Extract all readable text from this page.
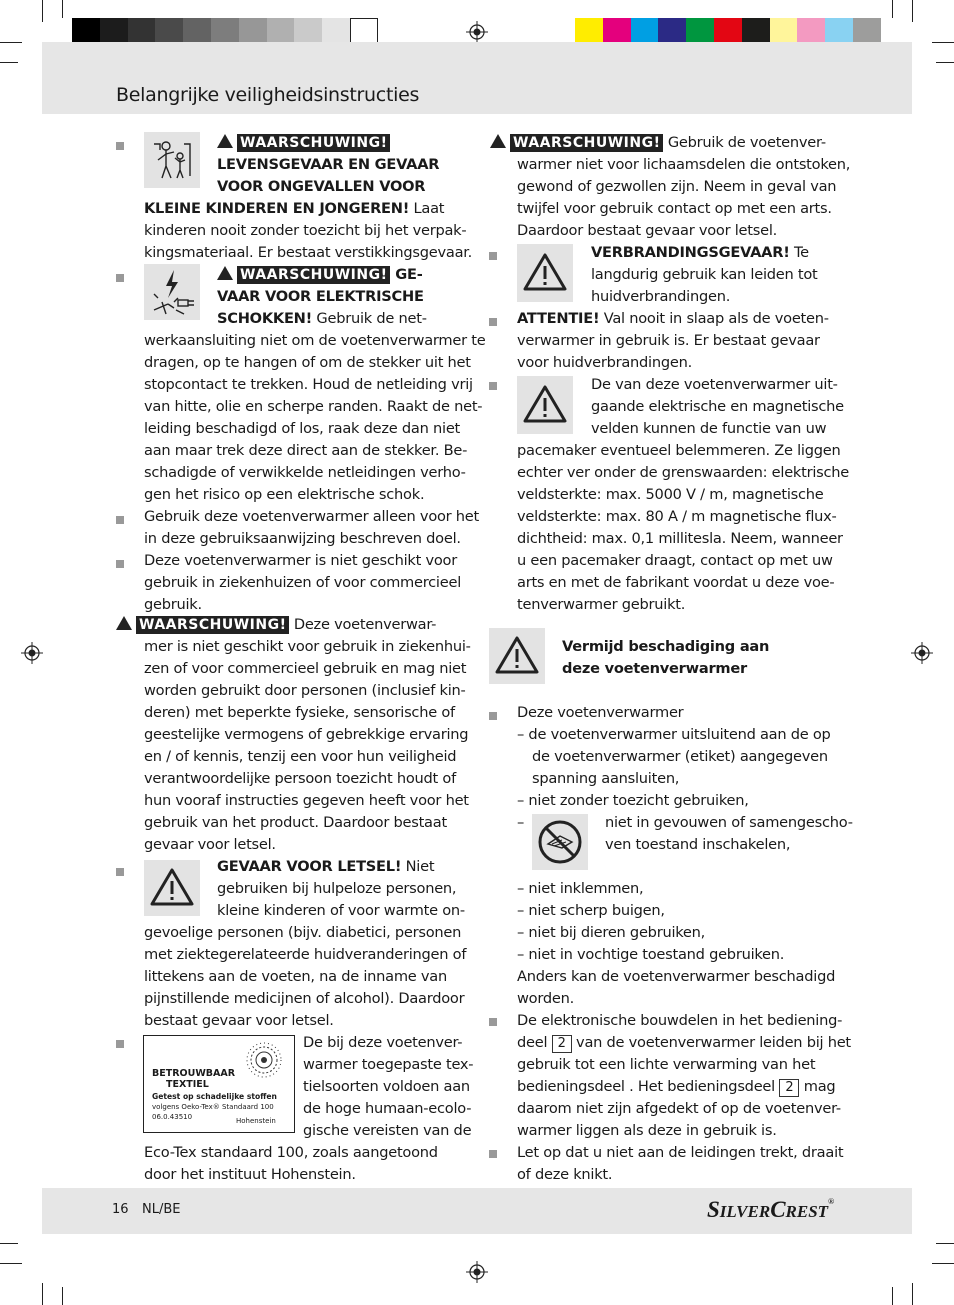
Belangrijke veiligheidsinstructies
WAARSCHUWING!
LEVENSGEVAAR EN GEVAAR
VOOR ONGEVALLEN VOOR
KLEINE KINDEREN EN JONGEREN! Laat
kinderen nooit zonder toezicht bij het verpak-
kingsmateriaal. Er bestaat verstikkingsgevaar.
WAARSCHUWING! GE-
VAAR VOOR ELEKTRISCHE
SCHOKKEN! Gebruik de net-
werkaansluiting niet om de voetenverwarmer te
dragen, op te hangen of om de stekker uit het
stopcontact te trekken. Houd de netleiding vrij
van hitte, olie en scherpe randen. Raakt de net-
leiding beschadigd of los, raak deze dan niet
aan maar trek deze direct aan de stekker. Be-
schadigde of verwikkelde netleidingen verho-
gen het risico op een elektrische schok.
Gebruik deze voetenverwarmer alleen voor het
in deze gebruiksaanwijzing beschreven doel.
Deze voetenverwarmer is niet geschikt voor
gebruik in ziekenhuizen of voor commercieel
gebruik.
WAARSCHUWING! Deze voetenverwar-
mer is niet geschikt voor gebruik in ziekenhui-
zen of voor commercieel gebruik en mag niet
worden gebruikt door personen (inclusief kin-
deren) met beperkte fysieke, sensorische of
geestelijke vermogens of gebrekkige ervaring
en / of kennis, tenzij een voor hun veiligheid
verantwoordelijke persoon toezicht houdt of
hun vooraf instructies gegeven heeft voor het
gebruik van het product. Daardoor bestaat
gevaar voor letsel.
GEVAAR VOOR LETSEL! Niet
gebruiken bij hulpeloze personen,
kleine kinderen of voor warmte on-
gevoelige personen (bijv. diabetici, personen
met ziektegerelateerde huidveranderingen of
littekens aan de voeten, na de inname van
pijnstillende medicijnen of alcohol). Daardoor
bestaat gevaar voor letsel.
BETROUWBAAR
TEXTIEL
Getest op schadelijke stoffen
volgens Oeko-Tex® Standaard 100
06.0.43510	Hohenstein
De bij deze voetenver-
warmer toegepaste tex-
tielsoorten voldoen aan
de hoge humaan-ecolo-
gische vereisten van de
Eco-Tex standaard 100, zoals aangetoond
door het instituut Hohenstein.
WAARSCHUWING! Gebruik de voetenver-
warmer niet voor lichaamsdelen die ontstoken,
gewond of gezwollen zijn. Neem in geval van
twijfel voor gebruik contact op met een arts.
Daardoor bestaat gevaar voor letsel.
VERBRANDINGSGEVAAR! Te
langdurig gebruik kan leiden tot
huidverbrandingen.
ATTENTIE! Val nooit in slaap als de voeten-
verwarmer in gebruik is. Er bestaat gevaar
voor huidverbrandingen.
De van deze voetenverwarmer uit-
gaande elektrische en magnetische
velden kunnen de functie van uw
pacemaker eventueel belemmeren. Ze liggen
echter ver onder de grenswaarden: elektrische
veldsterkte: max. 5000 V / m, magnetische
veldsterkte: max. 80 A / m magnetische flux-
dichtheid: max. 0,1 millitesla. Neem, wanneer
u een pacemaker draagt, contact op met uw
arts en met de fabrikant voordat u deze voe-
tenverwarmer gebruikt.
Vermijd beschadiging aan
deze voetenverwarmer
Deze voetenverwarmer
– de voetenverwarmer uitsluitend aan de op
de voetenverwarmer (etiket) aangegeven
spanning aansluiten,
– niet zonder toezicht gebruiken,
–	niet in gevouwen of samengescho-
ven toestand inschakelen,
– niet inklemmen,
– niet scherp buigen,
– niet bij dieren gebruiken,
– niet in vochtige toestand gebruiken.
Anders kan de voetenverwarmer beschadigd
worden.
De elektronische bouwdelen in het bediening-
deel 2 van de voetenverwarmer leiden bij het
gebruik tot een lichte verwarming van het
bedieningsdeel . Het bedieningsdeel 2 mag
daarom niet zijn afgedekt of op de voetenver-
warmer liggen als deze in gebruik is.
Let op dat u niet aan de leidingen trekt, draait
of deze knikt.
16 NL/BE	SILVERCREST®
